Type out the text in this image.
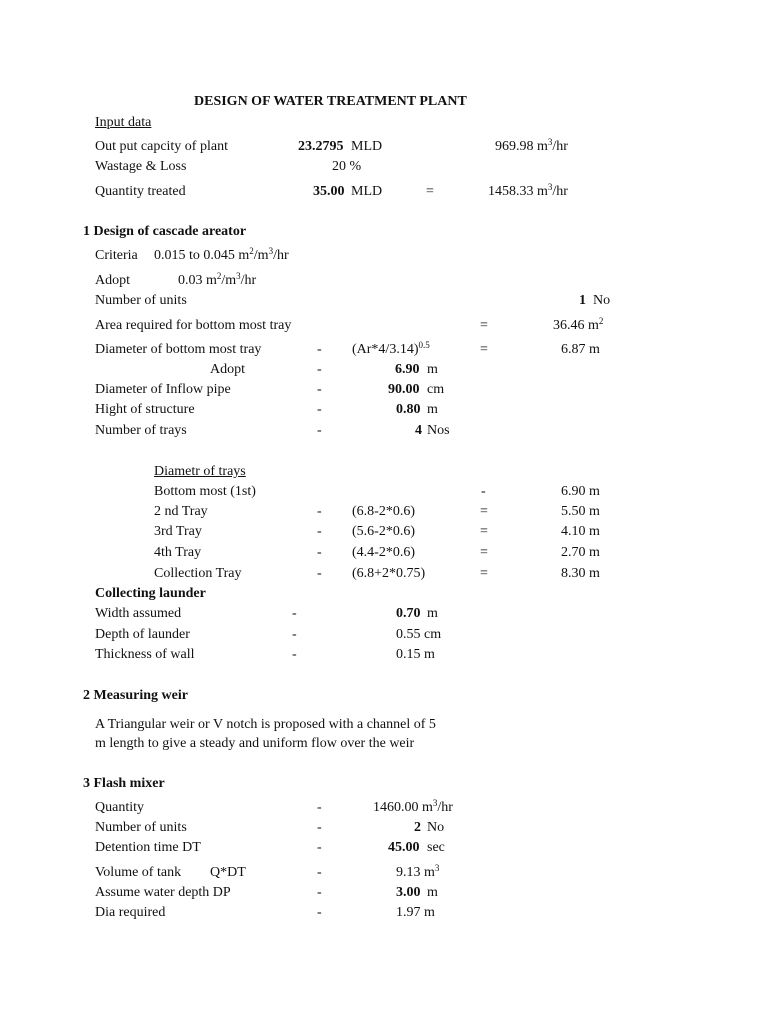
DESIGN OF WATER TREATMENT PLANT
Input data
Out put capcity of plant	23.2795 MLD	969.98 $m^3/hr$
Wastage & Loss	20 %
Quantity treated	35.00 MLD	=	1458.33 $m^3/hr$
1 Design of cascade areator
Criteria 0.015 to 0.045 $m^2/m^3/hr$
Adopt	0.03 $m^2/m^3/hr$
Number of units	1 No
Area required for bottom most tray	=	36.46 $m^2$
Diameter of bottom most tray	- $(Ar*4/3.14)^{0.5}$	=	6.87 m
Adopt	-	6.90 m
Diameter of Inflow pipe	-	90.00 cm
Hight of structure	-	0.80 m
Number of trays	-	4 Nos
Diametr of trays
Bottom most (1st)	-	6.90 m
2 nd Tray	- (6.8-2*0.6)	=	5.50 m
3rd Tray	- (5.6-2*0.6)	=	4.10 m
4th Tray	- (4.4-2*0.6)	=	2.70 m
Collection Tray	- (6.8+2*0.75)	=	8.30 m
Collecting launder
Width assumed	-	0.70 m
Depth of launder	-	0.55 cm
Thickness of wall	-	0.15 m
2 Measuring weir
A Triangular weir or V notch is proposed with a channel of 5
m length to give a steady and uniform flow over the weir
3 Flash mixer
Quantity	-	1460.00 $m^3/hr$
Number of units	-	2 No
Detention time DT	-	45.00 sec
Volume of tank Q*DT	-	9.13 $m^3$
Assume water depth DP	-	3.00 m
Dia required	-	1.97 m
